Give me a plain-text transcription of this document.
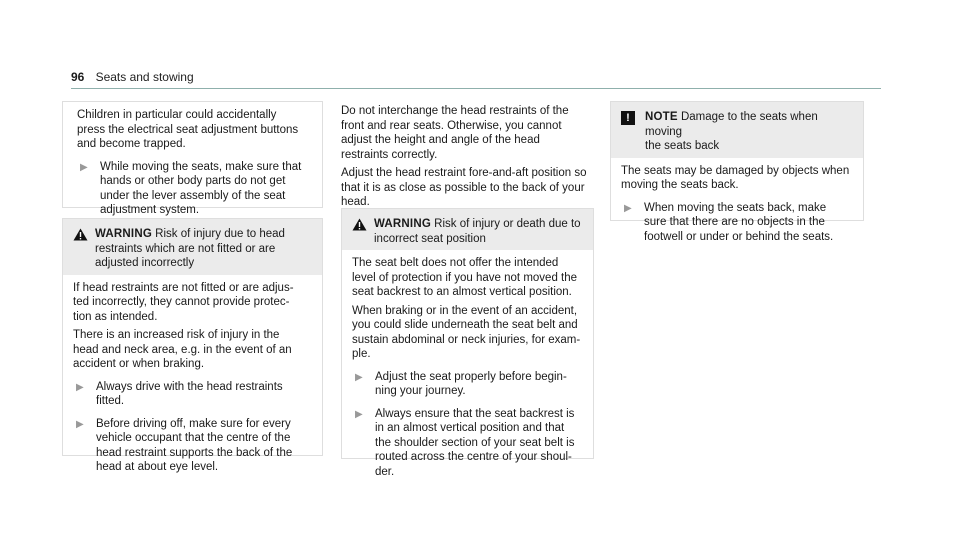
96 Seats and stowing

Children in particular could accidentally
press the electrical seat adjustment buttons
and become trapped.

▶	While moving the seats, make sure that
hands or other body parts do not get
under the lever assembly of the seat
adjustment system.
WARNING Risk of injury due to head
restraints which are not fitted or are
adjusted incorrectly

If head restraints are not fitted or are adjus-
ted incorrectly, they cannot provide protec-
tion as intended.

There is an increased risk of injury in the
head and neck area, e.g. in the event of an
accident or when braking.

▶	Always drive with the head restraints
fitted.
▶	Before driving off, make sure for every
vehicle occupant that the centre of the
head restraint supports the back of the
head at about eye level.

Do not interchange the head restraints of the
front and rear seats. Otherwise, you cannot
adjust the height and angle of the head
restraints correctly.

Adjust the head restraint fore-and-aft position so
that it is as close as possible to the back of your
head.

WARNING Risk of injury or death due to
incorrect seat position

The seat belt does not offer the intended
level of protection if you have not moved the
seat backrest to an almost vertical position.

When braking or in the event of an accident,
you could slide underneath the seat belt and
sustain abdominal or neck injuries, for exam-
ple.

▶	Adjust the seat properly before begin-
ning your journey.
▶	Always ensure that the seat backrest is
in an almost vertical position and that
the shoulder section of your seat belt is
routed across the centre of your shoul-
der.
!	NOTE Damage to the seats when moving
the seats back

The seats may be damaged by objects when
moving the seats back.

▶	When moving the seats back, make
sure that there are no objects in the
footwell or under or behind the seats.
